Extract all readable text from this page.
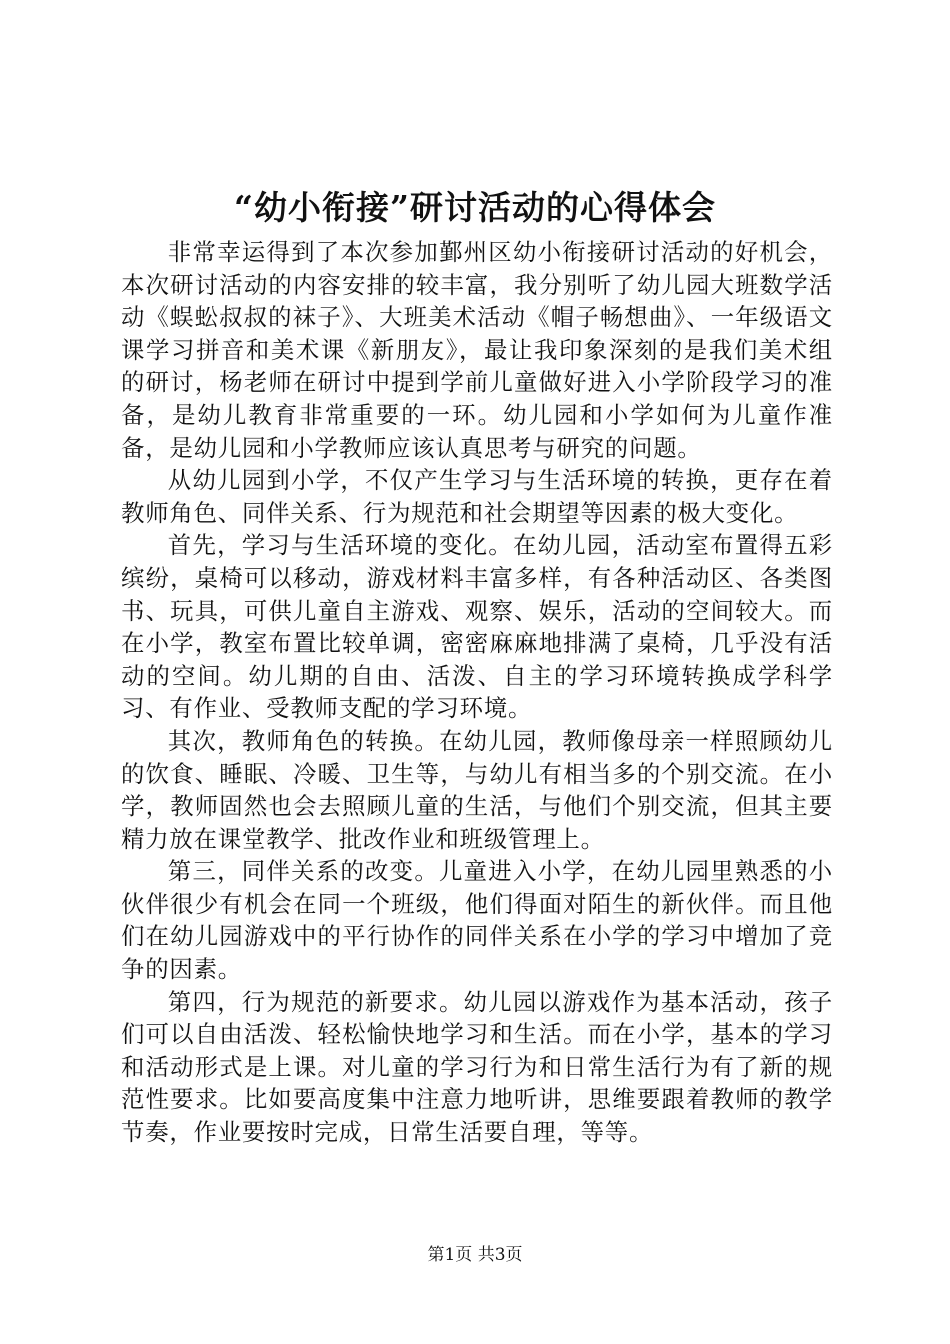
“幼小衔接”研讨活动的心得体会

非常幸运得到了本次参加鄞州区幼小衔接研讨活动的好机会，本次研讨活动的内容安排的较丰富，我分别听了幼儿园大班数学活动《蜈蚣叔叔的袜子》、大班美术活动《帽子畅想曲》、一年级语文课学习拼音和美术课《新朋友》，最让我印象深刻的是我们美术组的研讨，杨老师在研讨中提到学前儿童做好进入小学阶段学习的准备，是幼儿教育非常重要的一环。幼儿园和小学如何为儿童作准备，是幼儿园和小学教师应该认真思考与研究的问题。

从幼儿园到小学，不仅产生学习与生活环境的转换，更存在着教师角色、同伴关系、行为规范和社会期望等因素的极大变化。

首先，学习与生活环境的变化。在幼儿园，活动室布置得五彩缤纷，桌椅可以移动，游戏材料丰富多样，有各种活动区、各类图书、玩具，可供儿童自主游戏、观察、娱乐，活动的空间较大。而在小学，教室布置比较单调，密密麻麻地排满了桌椅，几乎没有活动的空间。幼儿期的自由、活泼、自主的学习环境转换成学科学习、有作业、受教师支配的学习环境。

其次，教师角色的转换。在幼儿园，教师像母亲一样照顾幼儿的饮食、睡眠、冷暖、卫生等，与幼儿有相当多的个别交流。在小学，教师固然也会去照顾儿童的生活，与他们个别交流，但其主要精力放在课堂教学、批改作业和班级管理上。

第三，同伴关系的改变。儿童进入小学，在幼儿园里熟悉的小伙伴很少有机会在同一个班级，他们得面对陌生的新伙伴。而且他们在幼儿园游戏中的平行协作的同伴关系在小学的学习中增加了竞争的因素。

第四，行为规范的新要求。幼儿园以游戏作为基本活动，孩子们可以自由活泼、轻松愉快地学习和生活。而在小学，基本的学习和活动形式是上课。对儿童的学习行为和日常生活行为有了新的规范性要求。比如要高度集中注意力地听讲，思维要跟着教师的教学节奏，作业要按时完成，日常生活要自理，等等。

第1页 共3页
